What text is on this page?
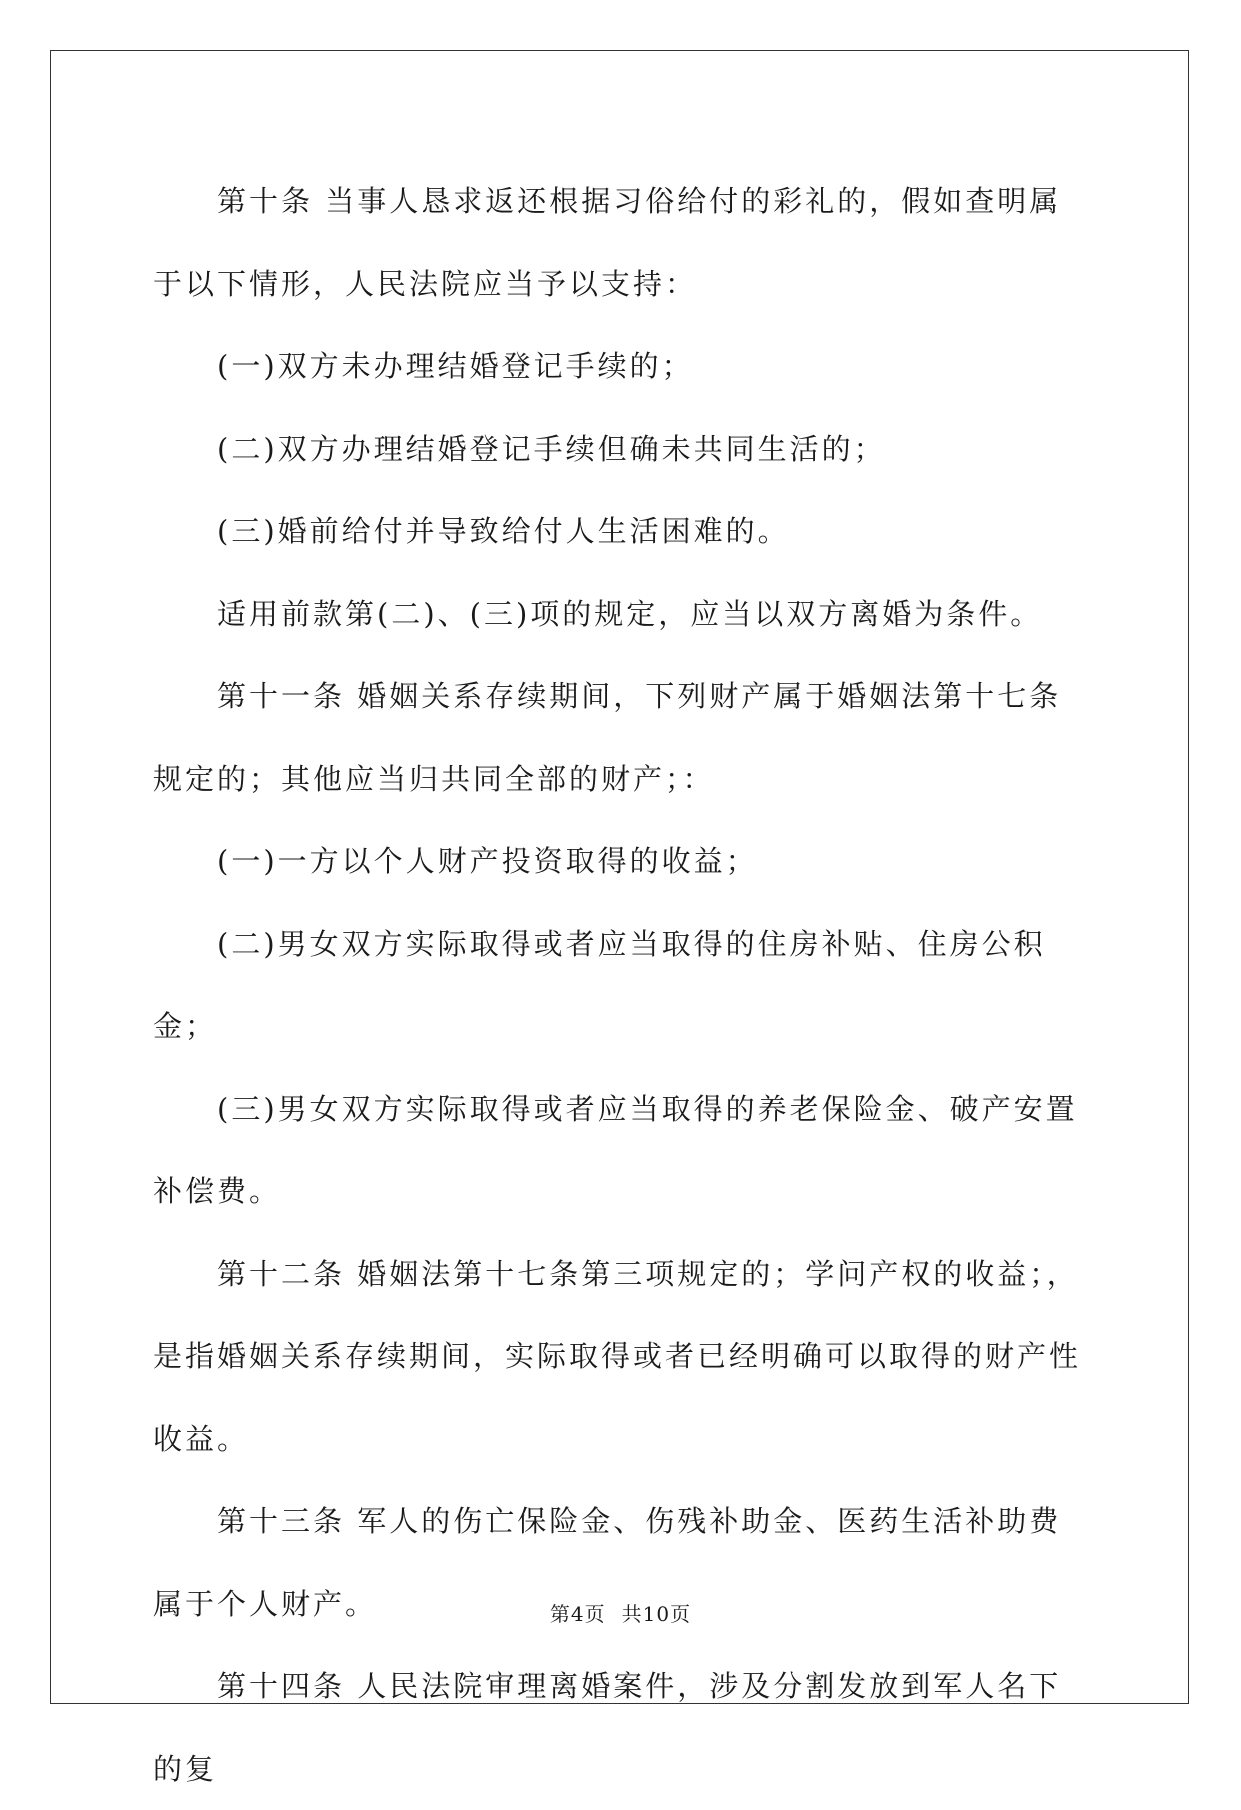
第十条 当事人恳求返还根据习俗给付的彩礼的，假如查明属于以下情形，人民法院应当予以支持：

(一)双方未办理结婚登记手续的；

(二)双方办理结婚登记手续但确未共同生活的；

(三)婚前给付并导致给付人生活困难的。

适用前款第(二)、(三)项的规定，应当以双方离婚为条件。

第十一条 婚姻关系存续期间，下列财产属于婚姻法第十七条规定的；其他应当归共同全部的财产；：

(一)一方以个人财产投资取得的收益；

(二)男女双方实际取得或者应当取得的住房补贴、住房公积金；

(三)男女双方实际取得或者应当取得的养老保险金、破产安置补偿费。

第十二条 婚姻法第十七条第三项规定的；学问产权的收益；，是指婚姻关系存续期间，实际取得或者已经明确可以取得的财产性收益。

第十三条 军人的伤亡保险金、伤残补助金、医药生活补助费属于个人财产。

第十四条 人民法院审理离婚案件，涉及分割发放到军人名下的复

第4页 共10页
